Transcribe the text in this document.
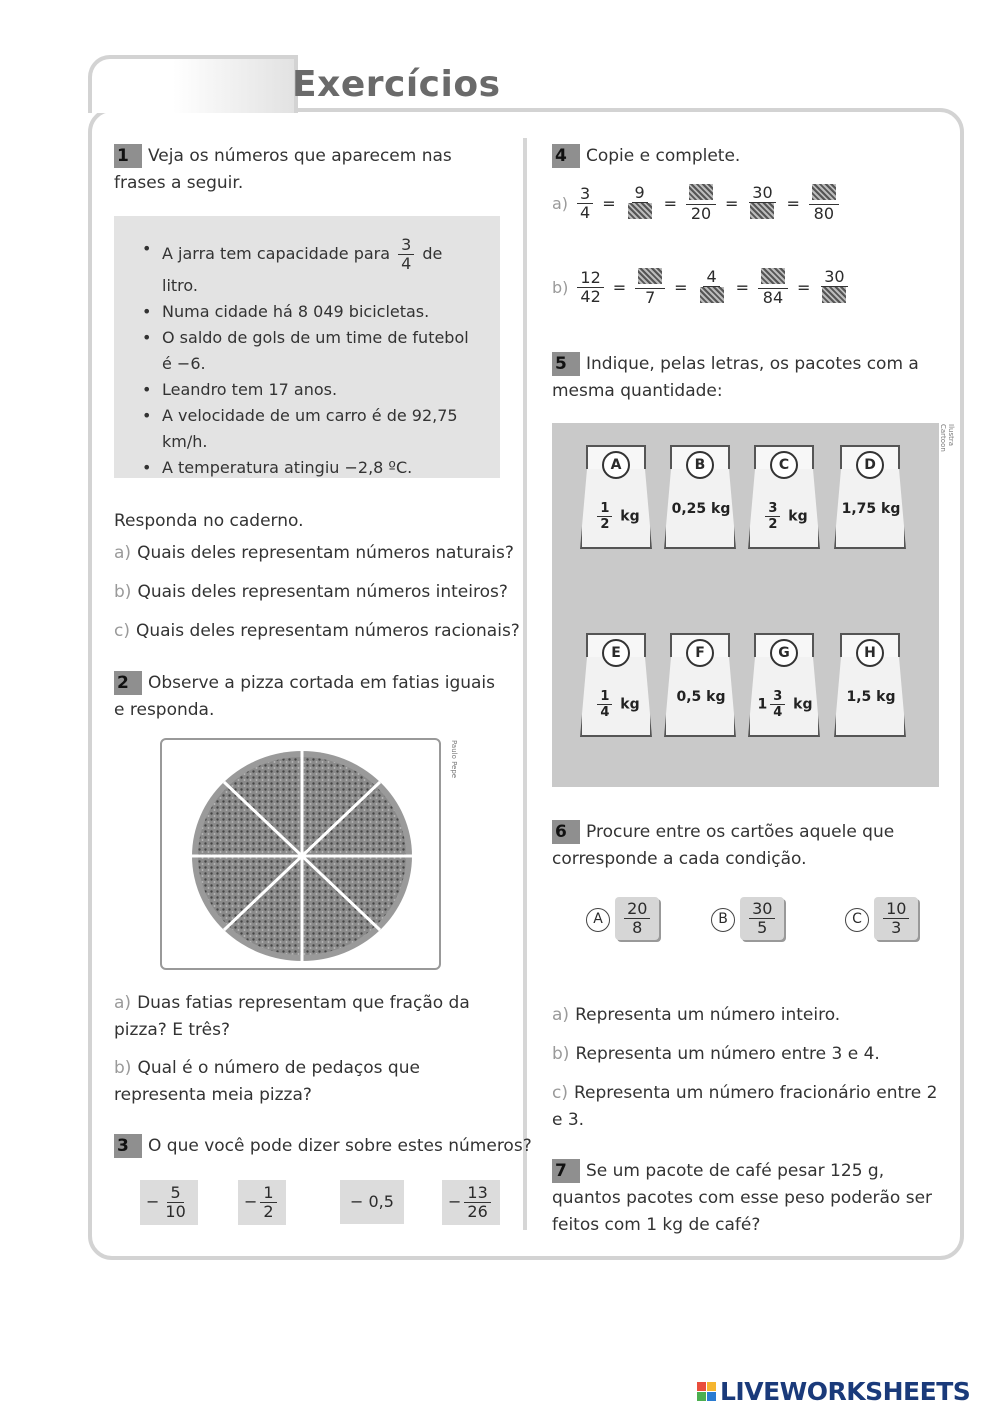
Exercícios
1 Veja os números que aparecem nas frases a seguir.
• A jarra tem capacidade para $\frac{3}{4}$ de litro.
• Numa cidade há 8 049 bicicletas.
• O saldo de gols de um time de futebol é −6.
• Leandro tem 17 anos.
• A velocidade de um carro é de 92,75 km/h.
• A temperatura atingiu −2,8 ºC.
Responda no caderno.
a) Quais deles representam números naturais?
b) Quais deles representam números inteiros?
c) Quais deles representam números racionais?
2 Observe a pizza cortada em fatias iguais e responda.
Paulo Pepe
a) Duas fatias representam que fração da pizza? E três?
b) Qual é o número de pedaços que representa meia pizza?
3 O que você pode dizer sobre estes números?
− $\frac{5}{10}$	− $\frac{1}{2}$	− 0,5	− $\frac{13}{26}$
4 Copie e complete.
$a) \frac{3}{4}$ =
9
=
20
=
30
=
80
$b) \frac{12}{42}$ =
7
=
4
=
84
=
30
5 Indique, pelas letras, os pacotes com a mesma quantidade:
Ilustra Cartoon
A
$\frac{1}{2}$ kg
B
0,25 kg
C
$\frac{3}{2}$ kg
D
1,75 kg
E
$\frac{1}{4}$ kg
F
0,5 kg
G
$1 \frac{3}{4}$ kg
H
1,5 kg
6 Procure entre os cartões aquele que corresponde a cada condição.
A $\frac{20}{8}$	B $\frac{30}{5}$	C $\frac{10}{3}$
a) Representa um número inteiro.
b) Representa um número entre 3 e 4.
c) Representa um número fracionário entre 2 e 3.
7 Se um pacote de café pesar 125 g, quantos pacotes com esse peso poderão ser feitos com 1 kg de café?
LIVEWORKSHEETS
